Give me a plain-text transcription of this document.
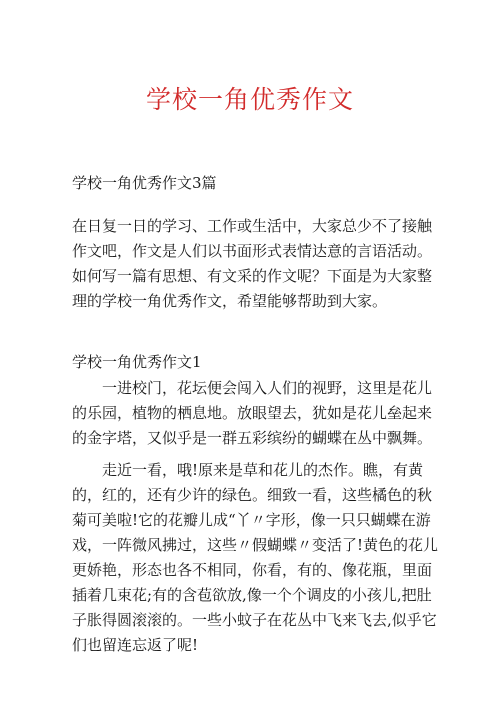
学校一角优秀作文
学校一角优秀作文3篇

在日复一日的学习、工作或生活中，大家总少不了接触作文吧，作文是人们以书面形式表情达意的言语活动。如何写一篇有思想、有文采的作文呢？下面是为大家整理的学校一角优秀作文，希望能够帮助到大家。

学校一角优秀作文1

一进校门，花坛便会闯入人们的视野，这里是花儿的乐园，植物的栖息地。放眼望去，犹如是花儿垒起来的金字塔，又似乎是一群五彩缤纷的蝴蝶在丛中飘舞。

走近一看，哦!原来是草和花儿的杰作。瞧，有黄的，红的，还有少许的绿色。细致一看，这些橘色的秋菊可美啦!它的花瓣儿成“丫〃字形，像一只只蝴蝶在游戏，一阵微风拂过，这些〃假蝴蝶〃变活了!黄色的花儿更娇艳，形态也各不相同，你看，有的、像花瓶，里面插着几束花;有的含苞欲放,像一个个调皮的小孩儿,把肚子胀得圆滚滚的。一些小蚊子在花丛中飞来飞去,似乎它们也留连忘返了呢!
